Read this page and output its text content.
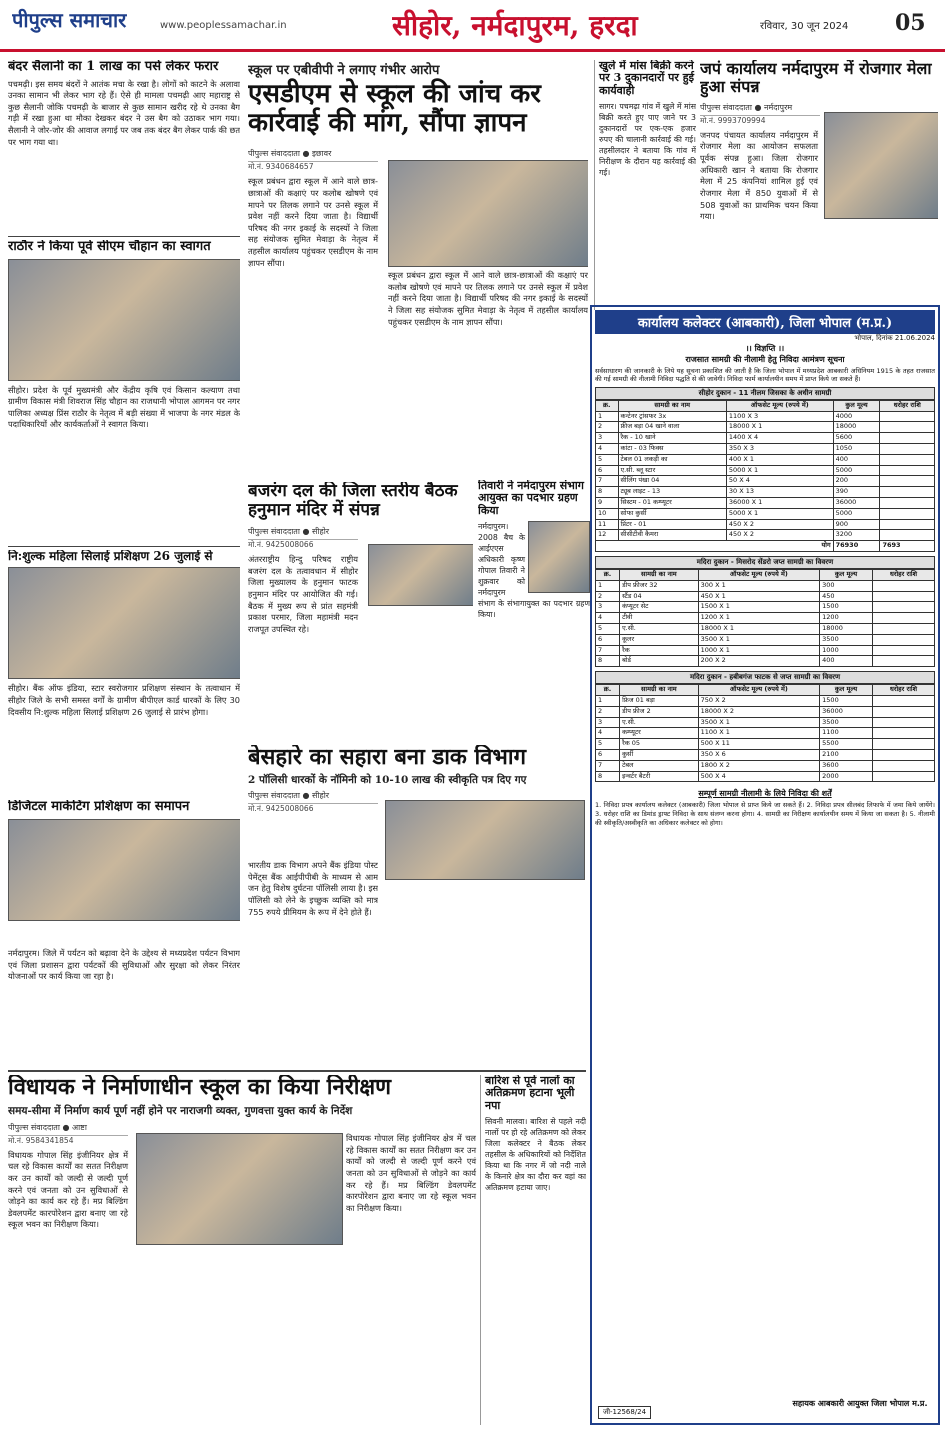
पीपुल्स समाचार	www.peoplessamachar.in	सीहोर, नर्मदापुरम, हरदा	रविवार, 30 जून 2024	05
बंदर सैलानी का 1 लाख का पर्स लेकर फरार
पचमढ़ी। इस समय बंदरों ने आतंक मचा के रखा है। लोगों को काटने के अलावा उनका सामान भी लेकर भाग रहे हैं। ऐसे ही मामला पचमढ़ी आए महाराष्ट्र से कुछ सैलानी जोकि पचमढ़ी के बाजार से कुछ सामान खरीद रहे थे उनका बैग गड़ी में रखा हुआ था मौका देखकर बंदर ने उस बैग को उठाकर भाग गया। सैलानी ने जोर-जोर की आवाज लगाई पर जब तक बंदर बैग लेकर पार्क की छत पर भाग गया था।
राठौर ने किया पूर्व सीएम चौहान का स्वागत
सीहोर। प्रदेश के पूर्व मुख्यमंत्री और केंद्रीय कृषि एवं किसान कल्याण तथा ग्रामीण विकास मंत्री शिवराज सिंह चौहान का राजधानी भोपाल आगमन पर नगर पालिका अध्यक्ष प्रिंस राठौर के नेतृत्व में बड़ी संख्या में भाजपा के नगर मंडल के पदाधिकारियों और कार्यकर्ताओं ने स्वागत किया।
नि:शुल्क महिला सिलाई प्रशिक्षण 26 जुलाई से
सीहोर। बैंक ऑफ इंडिया, स्टार स्वरोजगार प्रशिक्षण संस्थान के तत्वाधान में सीहोर जिले के सभी समस्त वर्गों के ग्रामीण बीपीएल कार्ड धारकों के लिए 30 दिवसीय नि:शुल्क महिला सिलाई प्रशिक्षण 26 जुलाई से प्रारंभ होगा।
स्कूल पर एबीवीपी ने लगाए गंभीर आरोप
एसडीएम से स्कूल की जांच कर कार्रवाई की मांग, सौंपा ज्ञापन
पीपुल्स संवाददाता ● इछावर
मो.नं. 9340684657
स्कूल प्रबंधन द्वारा स्कूल में आने वाले छात्र-छात्राओं की कक्षाएं पर कलोब खोषणे एवं मापने पर तिलक लगाने पर उनसे स्कूल में प्रवेश नहीं करने दिया जाता है। विद्यार्थी परिषद की नगर इकाई के सदस्यों ने जिला सह संयोजक सुमित मेवाड़ा के नेतृत्व में तहसील कार्यालय पहुंचकर एसडीएम के नाम ज्ञापन सौंपा।
स्कूल प्रबंधन द्वारा स्कूल में आने वाले छात्र-छात्राओं की कक्षाएं पर कलोब खोषणे एवं मापने पर तिलक लगाने पर उनसे स्कूल में प्रवेश नहीं करने दिया जाता है। विद्यार्थी परिषद की नगर इकाई के सदस्यों ने जिला सह संयोजक सुमित मेवाड़ा के नेतृत्व में तहसील कार्यालय पहुंचकर एसडीएम के नाम ज्ञापन सौंपा।
खुले में मांस बिक्री करने पर 3 दुकानदारों पर हुई कार्यवाही
सागर। पचमढ़ा गांव में खुले में मांस बिक्री करते हुए पाए जाने पर 3 दुकानदारों पर एक-एक हजार रुपए की चालानी कार्रवाई की गई। तहसीलदार ने बताया कि गांव में निरीक्षण के दौरान यह कार्रवाई की गई।
तिवारी ने नर्मदापुरम संभाग आयुक्त का पदभार ग्रहण किया
नर्मदापुरम। 2008 बैच के आईएएस अधिकारी कृष्ण गोपाल तिवारी ने शुक्रवार को नर्मदापुरम संभाग के संभागायुक्त का पदभार ग्रहण किया।
बजरंग दल की जिला स्तरीय बैठक हनुमान मंदिर में संपन्न
पीपुल्स संवाददाता ● सीहोर
मो.नं. 9425008066
अंतरराष्ट्रीय हिन्दु परिषद राष्ट्रीय बजरंग दल के तत्वावधान में सीहोर जिला मुख्यालय के हनुमान फाटक हनुमान मंदिर पर आयोजित की गई। बैठक में मुख्य रूप से प्रांत सहमंत्री प्रकाश परमार, जिला महामंत्री मदन राजपूत उपस्थित रहे।
जपं कार्यालय नर्मदापुरम में रोजगार मेला हुआ संपन्न
पीपुल्स संवाददाता ● नर्मदापुरम
मो.नं. 9993709994
जनपद पंचायत कार्यालय नर्मदापुरम में रोजगार मेला का आयोजन सफलता पूर्वक संपन्न हुआ। जिला रोजगार अधिकारी खान ने बताया कि रोजगार मेला में 25 कंपनियां शामिल हुई एवं रोजगार मेला में 850 युवाओं में से 508 युवाओं का प्राथमिक चयन किया गया।
कार्यालय कलेक्टर (आबकारी), जिला भोपाल (म.प्र.)
भोपाल, दिनांक 21.06.2024
।। विज्ञप्ति ।।
राजसात सामग्री की नीलामी हेतु निविदा आमंत्रण सूचना
सर्वसाधारण की जानकारी के लिये यह सूचना प्रकाशित की जाती है कि जिला भोपाल में मध्यप्रदेश आबकारी अधिनियम 1915 के तहत राजसात की गई सामग्री की नीलामी निविदा पद्धति से की जावेगी। निविदा फार्म कार्यालयीन समय में प्राप्त किये जा सकते हैं।
सीहोर दुकान - 11 नीलम जिसका के अधीन सामग्री
क्र.	सामग्री का नाम	ऑफसेट मूल्य (रुपये में)	कुल मूल्य	धरोहर राशि
1	कन्टेनर ट्रांसफर 3x	1100 X 3	4000	
2	फ्रीज बड़ा 04 खाने वाला	18000 X 1	18000	
3	रैक - 10 खाने	1400 X 4	5600	
4	कांटा - 03 फिक्स	350 X 3	1050	
5	टेबल 01 लकड़ी का	400 X 1	400	
6	ए.सी. ब्लू स्टार	5000 X 1	5000	
7	सीलिंग पंखा 04	50 X 4	200	
8	ट्यूब लाइट - 13	30 X 13	390	
9	सिस्टम - 01 कम्प्यूटर	36000 X 1	36000	
10	सोफा कुर्सी	5000 X 1	5000	
11	प्रिंटर - 01	450 X 2	900	
12	सीसीटीवी कैमरा	450 X 2	3200	
योग			76930	7693
मदिरा दुकान - मिसरोद सेंडरो जप्त सामग्री का विवरण
क्र.	सामग्री का नाम	ऑफसेट मूल्य (रुपये में)	कुल मूल्य	धरोहर राशि
1	डीप फ्रीजर 32	300 X 1	300	
2	स्टैंड 04	450 X 1	450	
3	कंप्यूटर सेट	1500 X 1	1500	
4	टीवी	1200 X 1	1200	
5	ए.सी.	18000 X 1	18000	
6	कूलर	3500 X 1	3500	
7	रैक	1000 X 1	1000	
8	बोर्ड	200 X 2	400	
मदिरा दुकान - हबीबगंज फाटक से जप्त सामग्री का विवरण
क्र.	सामग्री का नाम	ऑफसेट मूल्य (रुपये में)	कुल मूल्य	धरोहर राशि
1	फ्रिज 01 बड़ा	750 X 2	1500	
2	डीप फ्रीज 2	18000 X 2	36000	
3	ए.सी.	3500 X 1	3500	
4	कम्प्यूटर	1100 X 1	1100	
5	रैक 05	500 X 11	5500	
6	कुर्सी	350 X 6	2100	
7	टेबल	1800 X 2	3600	
8	इन्वर्टर बैटरी	500 X 4	2000	
सम्पूर्ण सामग्री नीलामी के लिये निविदा की शर्तें
1. निविदा प्रपत्र कार्यालय कलेक्टर (आबकारी) जिला भोपाल से प्राप्त किये जा सकते हैं। 2. निविदा प्रपत्र सीलबंद लिफाफे में जमा किये जायेंगे। 3. धरोहर राशि का डिमांड ड्राफ्ट निविदा के साथ संलग्न करना होगा। 4. सामग्री का निरीक्षण कार्यालयीन समय में किया जा सकता है। 5. नीलामी की स्वीकृति/अस्वीकृति का अधिकार कलेक्टर को होगा।
सहायक आबकारी आयुक्त जिला भोपाल म.प्र.
जी-12568/24
डिजिटल मार्केटिंग प्रशिक्षण का समापन
बेसहारे का सहारा बना डाक विभाग
2 पॉलिसी धारकों के नॉमिनी को 10-10 लाख की स्वीकृति पत्र दिए गए
पीपुल्स संवाददाता ● सीहोर
मो.नं. 9425008066
भारतीय डाक विभाग अपने बैंक इंडिया पोस्ट पेमेंट्स बैंक आईपीपीबी के माध्यम से आम जन हेतु विशेष दुर्घटना पॉलिसी लाया है। इस पॉलिसी को लेने के इच्छुक व्यक्ति को मात्र 755 रुपये प्रीमियम के रूप में देने होते हैं।
नर्मदापुरम। जिले में पर्यटन को बढ़ावा देने के उद्देश्य से मध्यप्रदेश पर्यटन विभाग एवं जिला प्रशासन द्वारा पर्यटकों की सुविधाओं और सुरक्षा को लेकर निरंतर योजनाओं पर कार्य किया जा रहा है।
विधायक ने निर्माणाधीन स्कूल का किया निरीक्षण
समय-सीमा में निर्माण कार्य पूर्ण नहीं होने पर नाराजगी व्यक्त, गुणवत्ता युक्त कार्य के निर्देश
पीपुल्स संवाददाता ● आष्टा
मो.नं. 9584341854
विधायक गोपाल सिंह इंजीनियर क्षेत्र में चल रहे विकास कार्यों का सतत निरीक्षण कर उन कार्यों को जल्दी से जल्दी पूर्ण करने एवं जनता को उन सुविधाओं से जोड़ने का कार्य कर रहे हैं। मप्र बिल्डिंग डेवलपमेंट कारपोरेशन द्वारा बनाए जा रहे स्कूल भवन का निरीक्षण किया।
विधायक गोपाल सिंह इंजीनियर क्षेत्र में चल रहे विकास कार्यों का सतत निरीक्षण कर उन कार्यों को जल्दी से जल्दी पूर्ण करने एवं जनता को उन सुविधाओं से जोड़ने का कार्य कर रहे हैं। मप्र बिल्डिंग डेवलपमेंट कारपोरेशन द्वारा बनाए जा रहे स्कूल भवन का निरीक्षण किया।
बारिश से पूर्व नालों का अतिक्रमण हटाना भूली नपा
सिवनी मालवा। बारिश से पहले नदी नालों पर हो रहे अतिक्रमण को लेकर जिला कलेक्टर ने बैठक लेकर तहसील के अधिकारियों को निर्देशित किया था कि नगर में जो नदी नाले के किनारे क्षेत्र का दौरा कर वहां का अतिक्रमण हटाया जाए।
